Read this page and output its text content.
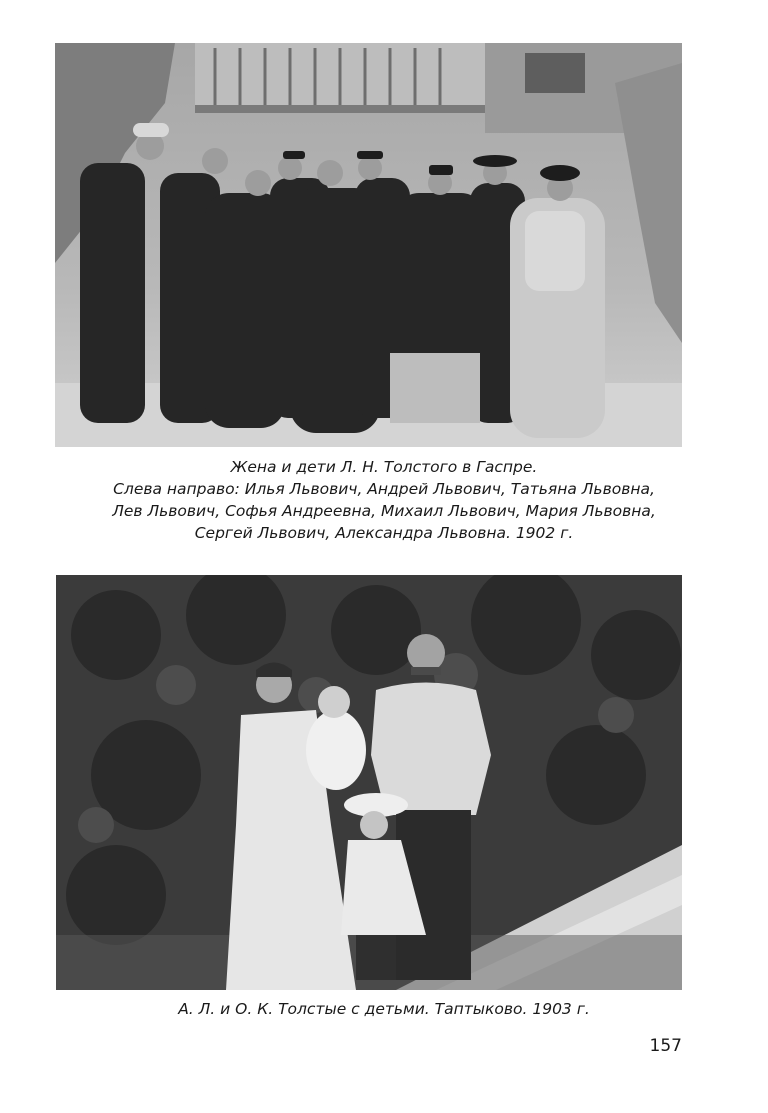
Жена и дети Л. Н. Толстого в Гаспре.
Слева направо: Илья Львович, Андрей Львович, Татьяна Львовна,
Лев Львович, Софья Андреевна, Михаил Львович, Мария Львовна,
Сергей Львович, Александра Львовна. 1902 г.
А. Л. и О. К. Толстые с детьми. Таптыково. 1903 г.
157
